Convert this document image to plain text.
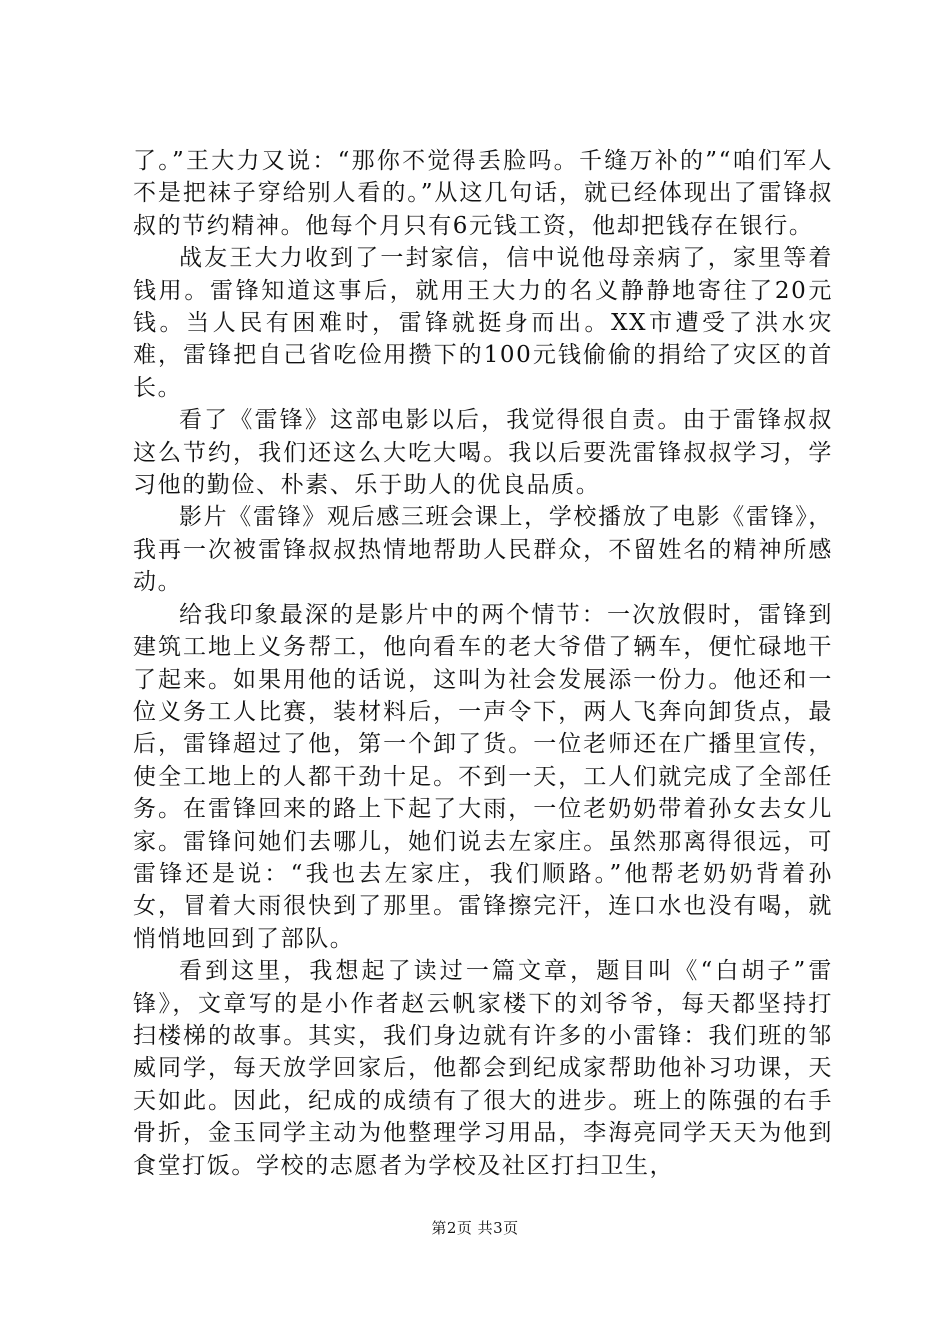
了。”王大力又说：“那你不觉得丢脸吗。千缝万补的”“咱们军人不是把袜子穿给别人看的。”从这几句话，就已经体现出了雷锋叔叔的节约精神。他每个月只有6元钱工资，他却把钱存在银行。

战友王大力收到了一封家信，信中说他母亲病了，家里等着钱用。雷锋知道这事后，就用王大力的名义静静地寄往了20元钱。当人民有困难时，雷锋就挺身而出。XX市遭受了洪水灾难，雷锋把自己省吃俭用攒下的100元钱偷偷的捐给了灾区的首长。

看了《雷锋》这部电影以后，我觉得很自责。由于雷锋叔叔这么节约，我们还这么大吃大喝。我以后要洗雷锋叔叔学习，学习他的勤俭、朴素、乐于助人的优良品质。

影片《雷锋》观后感三班会课上，学校播放了电影《雷锋》，我再一次被雷锋叔叔热情地帮助人民群众，不留姓名的精神所感动。

给我印象最深的是影片中的两个情节：一次放假时，雷锋到建筑工地上义务帮工，他向看车的老大爷借了辆车，便忙碌地干了起来。如果用他的话说，这叫为社会发展添一份力。他还和一位义务工人比赛，装材料后，一声令下，两人飞奔向卸货点，最后，雷锋超过了他，第一个卸了货。一位老师还在广播里宣传，使全工地上的人都干劲十足。不到一天，工人们就完成了全部任务。在雷锋回来的路上下起了大雨，一位老奶奶带着孙女去女儿家。雷锋问她们去哪儿，她们说去左家庄。虽然那离得很远，可雷锋还是说：“我也去左家庄，我们顺路。”他帮老奶奶背着孙女，冒着大雨很快到了那里。雷锋擦完汗，连口水也没有喝，就悄悄地回到了部队。

看到这里，我想起了读过一篇文章，题目叫《“白胡子”雷锋》，文章写的是小作者赵云帆家楼下的刘爷爷，每天都坚持打扫楼梯的故事。其实，我们身边就有许多的小雷锋：我们班的邹威同学，每天放学回家后，他都会到纪成家帮助他补习功课，天天如此。因此，纪成的成绩有了很大的进步。班上的陈强的右手骨折，金玉同学主动为他整理学习用品，李海亮同学天天为他到食堂打饭。学校的志愿者为学校及社区打扫卫生，

第2页 共3页
